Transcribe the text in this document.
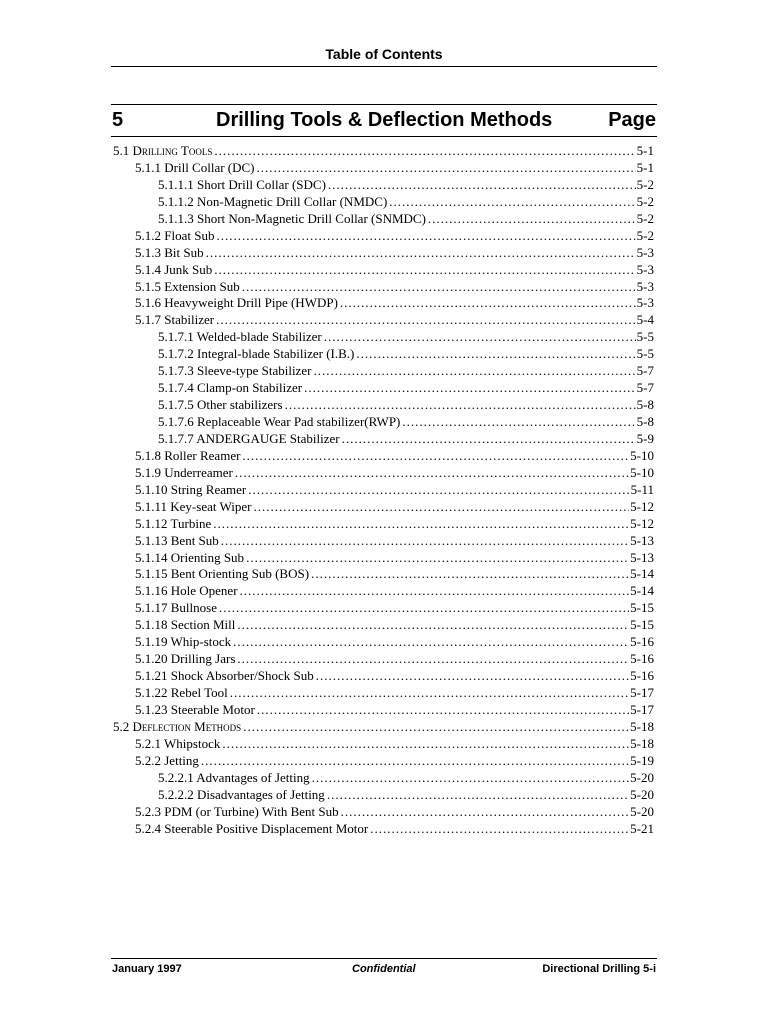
Table of Contents
5	Drilling Tools & Deflection Methods	Page
5.1 Drilling Tools .....	5-1
5.1.1 Drill Collar (DC) .....	5-1
5.1.1.1 Short Drill Collar (SDC) .....	5-2
5.1.1.2 Non-Magnetic Drill Collar (NMDC) .....	5-2
5.1.1.3 Short Non-Magnetic Drill Collar (SNMDC) .....	5-2
5.1.2 Float Sub .....	5-2
5.1.3 Bit Sub .....	5-3
5.1.4 Junk Sub .....	5-3
5.1.5 Extension Sub .....	5-3
5.1.6 Heavyweight Drill Pipe (HWDP) .....	5-3
5.1.7 Stabilizer .....	5-4
5.1.7.1 Welded-blade Stabilizer .....	5-5
5.1.7.2 Integral-blade Stabilizer (I.B.) .....	5-5
5.1.7.3 Sleeve-type Stabilizer .....	5-7
5.1.7.4 Clamp-on Stabilizer .....	5-7
5.1.7.5 Other stabilizers .....	5-8
5.1.7.6 Replaceable Wear Pad stabilizer(RWP) .....	5-8
5.1.7.7 ANDERGAUGE Stabilizer .....	5-9
5.1.8 Roller Reamer .....	5-10
5.1.9 Underreamer .....	5-10
5.1.10 String Reamer .....	5-11
5.1.11 Key-seat Wiper .....	5-12
5.1.12 Turbine .....	5-12
5.1.13 Bent Sub .....	5-13
5.1.14 Orienting Sub .....	5-13
5.1.15 Bent Orienting Sub (BOS) .....	5-14
5.1.16 Hole Opener .....	5-14
5.1.17 Bullnose .....	5-15
5.1.18 Section Mill .....	5-15
5.1.19 Whip-stock .....	5-16
5.1.20 Drilling Jars .....	5-16
5.1.21 Shock Absorber/Shock Sub .....	5-16
5.1.22 Rebel Tool .....	5-17
5.1.23 Steerable Motor .....	5-17
5.2 Deflection Methods .....	5-18
5.2.1 Whipstock .....	5-18
5.2.2 Jetting .....	5-19
5.2.2.1 Advantages of Jetting .....	5-20
5.2.2.2 Disadvantages of Jetting .....	5-20
5.2.3 PDM (or Turbine) With Bent Sub .....	5-20
5.2.4 Steerable Positive Displacement Motor .....	5-21
January 1997	Confidential	Directional Drilling 5-i
